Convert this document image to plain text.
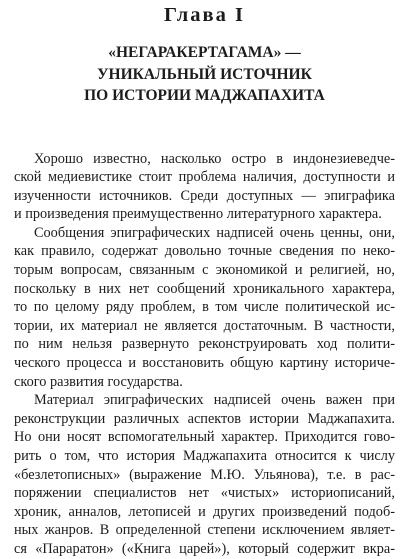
Глава I
«НЕГАРАКЕРТАГАМА» —
УНИКАЛЬНЫЙ ИСТОЧНИК
ПО ИСТОРИИ МАДЖАПАХИТА

Хорошо известно, насколько остро в индонезиеведче-
ской медиевистике стоит проблема наличия, доступности и
изученности источников. Среди доступных — эпиграфика
и произведения преимущественно литературного характера.

Сообщения эпиграфических надписей очень ценны, они,
как правило, содержат довольно точные сведения по неко-
торым вопросам, связанным с экономикой и религией, но,
поскольку в них нет сообщений хроникального характера,
то по целому ряду проблем, в том числе политической ис-
тории, их материал не является достаточным. В частности,
по ним нельзя развернуто реконструировать ход полити-
ческого процесса и восстановить общую картину историче-
ского развития государства.

Материал эпиграфических надписей очень важен при
реконструкции различных аспектов истории Маджапахита.
Но они носят вспомогательный характер. Приходится гово-
рить о том, что история Маджапахита относится к числу
«безлетописных» (выражение М.Ю. Ульянова), т.е. в рас-
поряжении специалистов нет «чистых» историописаний,
хроник, анналов, летописей и других произведений подоб-
ных жанров. В определенной степени исключением являет-
ся «Параратон» («Книга царей»), который содержит вкра-
